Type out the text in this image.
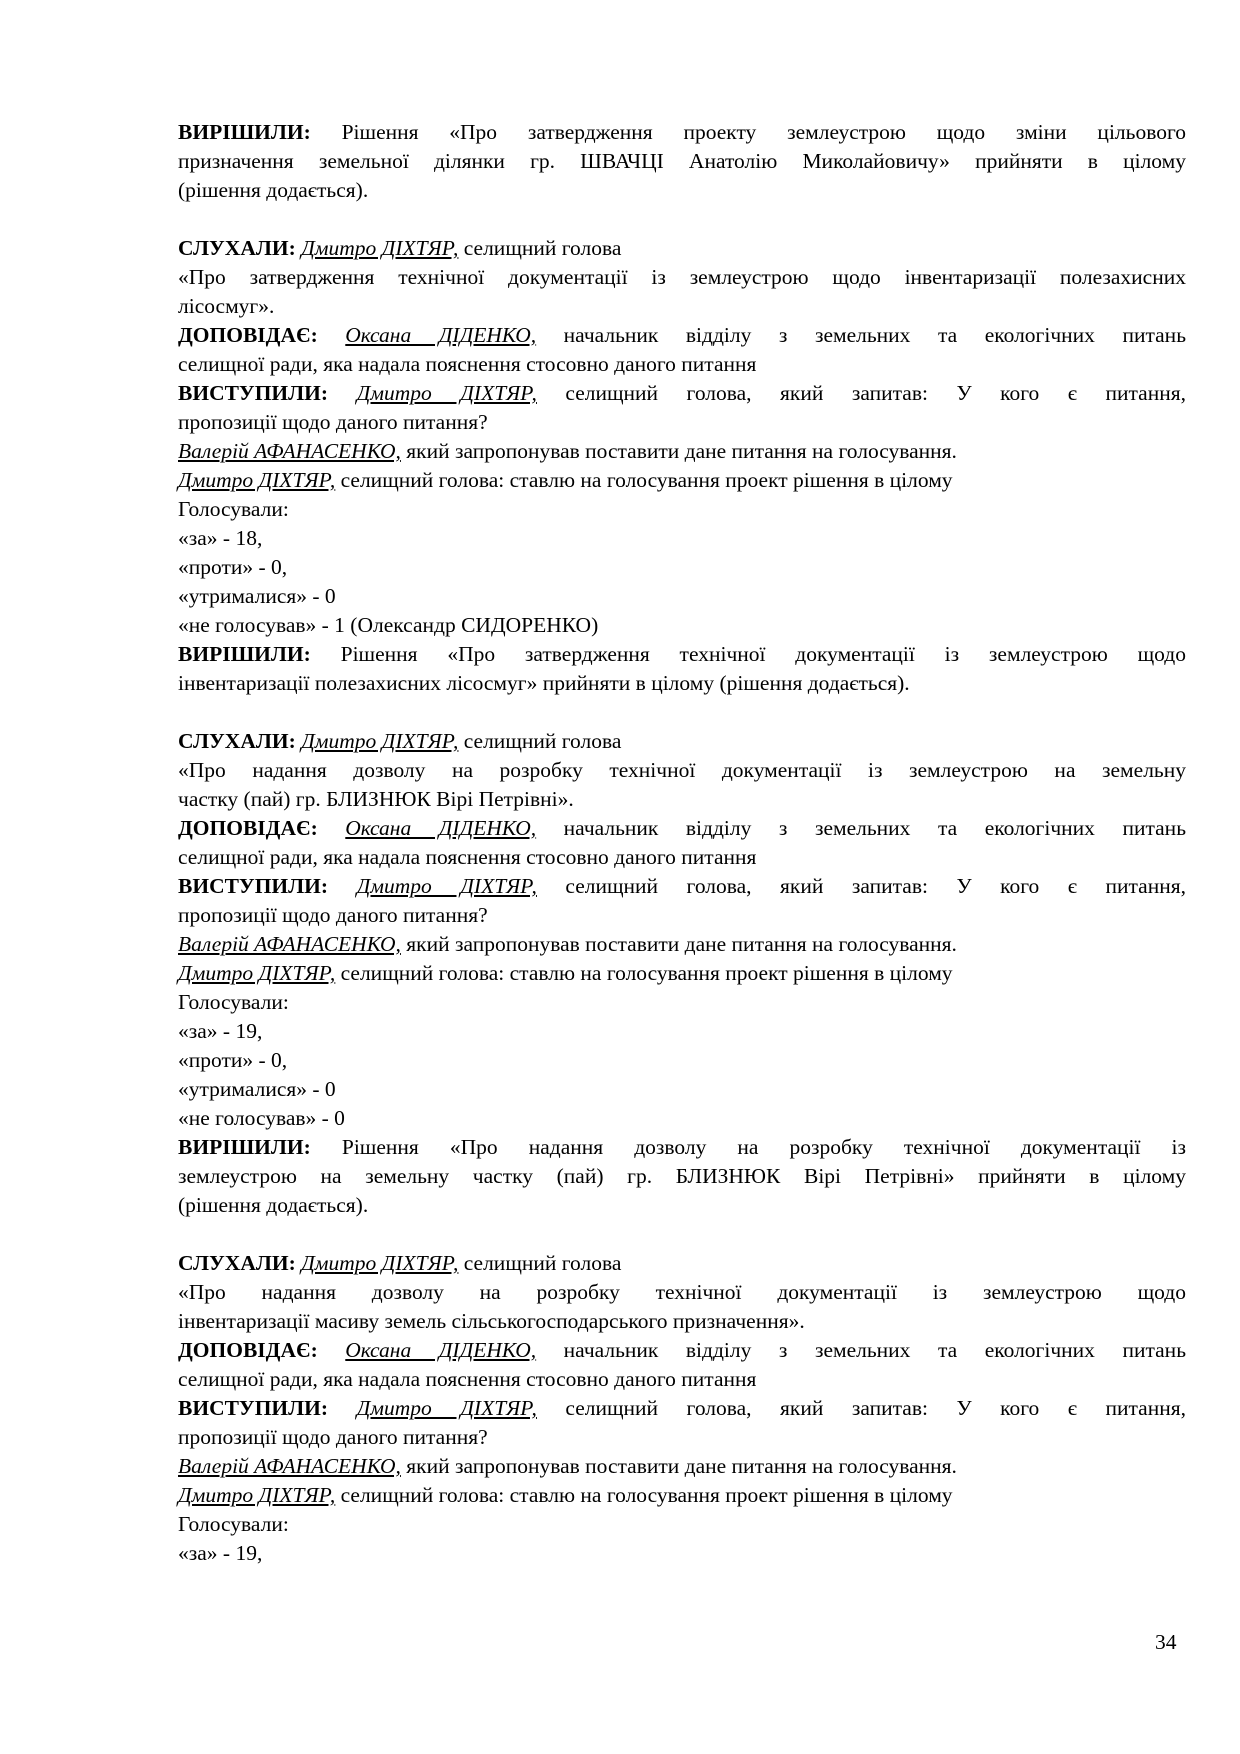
ВИРІШИЛИ: Рішення «Про затвердження проекту землеустрою щодо зміни цільового
призначення земельної ділянки гр. ШВАЧЦІ Анатолію Миколайовичу» прийняти в цілому
(рішення додається).
СЛУХАЛИ: Дмитро ДІХТЯР, селищний голова
«Про затвердження технічної документації із землеустрою щодо інвентаризації полезахисних
лісосмуг».
ДОПОВІДАЄ: Оксана ДІДЕНКО, начальник відділу з земельних та екологічних питань
селищної ради, яка надала пояснення стосовно даного питання
ВИСТУПИЛИ: Дмитро ДІХТЯР, селищний голова, який запитав: У кого є питання,
пропозиції щодо даного питання?
Валерій АФАНАСЕНКО, який запропонував поставити дане питання на голосування.
Дмитро ДІХТЯР, селищний голова: ставлю на голосування проект рішення в цілому
Голосували:
«за» - 18,
«проти» - 0,
«утрималися» - 0
«не голосував» - 1 (Олександр СИДОРЕНКО)
ВИРІШИЛИ: Рішення «Про затвердження технічної документації із землеустрою щодо
інвентаризації полезахисних лісосмуг» прийняти в цілому (рішення додається).
СЛУХАЛИ: Дмитро ДІХТЯР, селищний голова
«Про надання дозволу на розробку технічної документації із землеустрою на земельну
частку (пай) гр. БЛИЗНЮК Вірі Петрівні».
ДОПОВІДАЄ: Оксана ДІДЕНКО, начальник відділу з земельних та екологічних питань
селищної ради, яка надала пояснення стосовно даного питання
ВИСТУПИЛИ: Дмитро ДІХТЯР, селищний голова, який запитав: У кого є питання,
пропозиції щодо даного питання?
Валерій АФАНАСЕНКО, який запропонував поставити дане питання на голосування.
Дмитро ДІХТЯР, селищний голова: ставлю на голосування проект рішення в цілому
Голосували:
«за» - 19,
«проти» - 0,
«утрималися» - 0
«не голосував» - 0
ВИРІШИЛИ: Рішення «Про надання дозволу на розробку технічної документації із
землеустрою на земельну частку (пай) гр. БЛИЗНЮК Вірі Петрівні» прийняти в цілому
(рішення додається).
СЛУХАЛИ: Дмитро ДІХТЯР, селищний голова
«Про надання дозволу на розробку технічної документації із землеустрою щодо
інвентаризації масиву земель сільськогосподарського призначення».
ДОПОВІДАЄ: Оксана ДІДЕНКО, начальник відділу з земельних та екологічних питань
селищної ради, яка надала пояснення стосовно даного питання
ВИСТУПИЛИ: Дмитро ДІХТЯР, селищний голова, який запитав: У кого є питання,
пропозиції щодо даного питання?
Валерій АФАНАСЕНКО, який запропонував поставити дане питання на голосування.
Дмитро ДІХТЯР, селищний голова: ставлю на голосування проект рішення в цілому
Голосували:
«за» - 19,
34
